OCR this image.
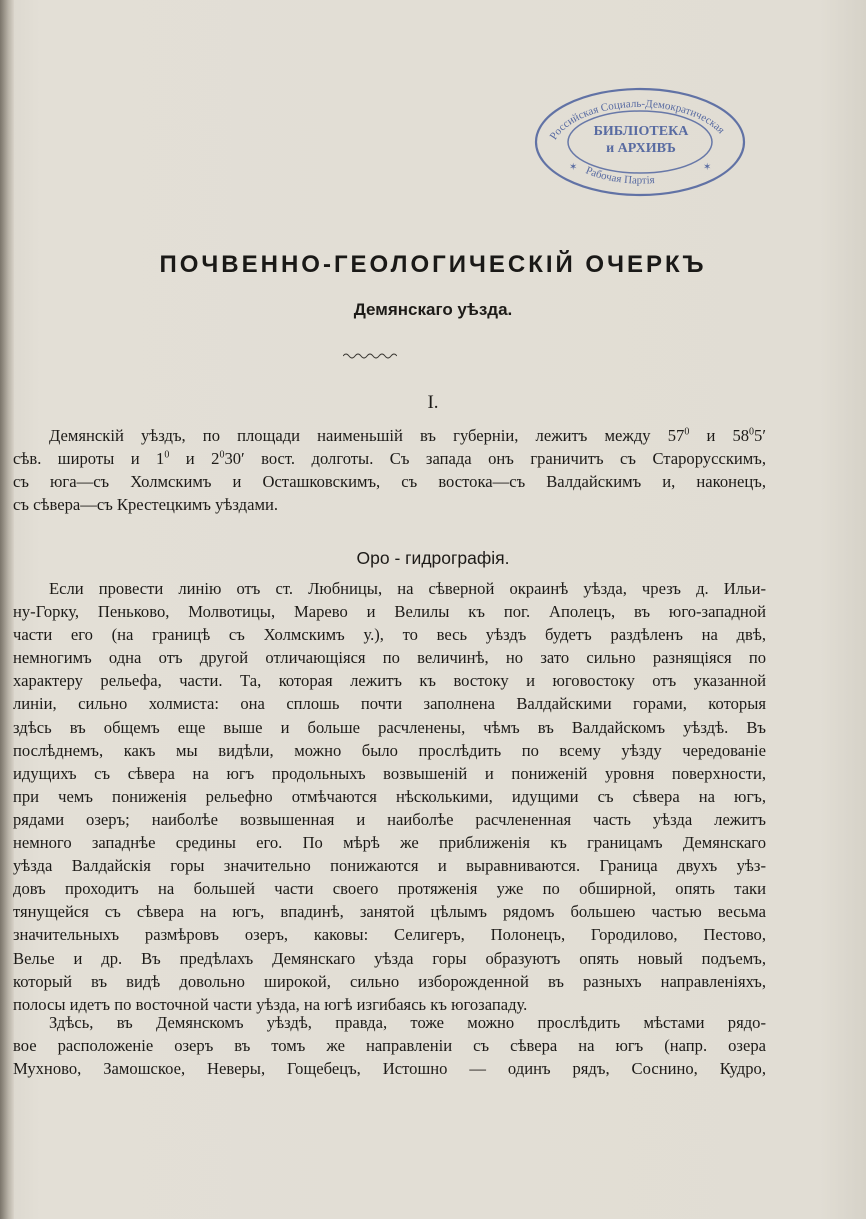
Российская Социаль-Демократическая
БИБЛІОТЕКА
и АРХИВЪ
Рабочая Партія
✶	✶
ПОЧВЕННО-ГЕОЛОГИЧЕСКІЙ ОЧЕРКЪ
Демянскаго уѣзда.
I.
Демянскій уѣздъ, по площади наименьшій въ губерніи, лежитъ между $57^0$ и $58^05'$
сѣв. широты и $1^0$ и $2^030'$ вост. долготы. Съ запада онъ граничитъ съ Старорусскимъ,
съ юга—съ Холмскимъ и Осташковскимъ, съ востока—съ Валдайскимъ и, наконецъ,
съ сѣвера—съ Крестецкимъ уѣздами.
Оро - гидрографія.
Если провести линію отъ ст. Любницы, на сѣверной окраинѣ уѣзда, чрезъ д. Ильи-
ну-Горку, Пеньково, Молвотицы, Марево и Велилы къ пог. Аполецъ, въ юго-западной
части его (на границѣ съ Холмскимъ у.), то весь уѣздъ будетъ раздѣленъ на двѣ,
немногимъ одна отъ другой отличающіяся по величинѣ, но зато сильно разнящіяся по
характеру рельефа, части. Та, которая лежитъ къ востоку и юговостоку отъ указанной
линіи, сильно холмиста: она сплошь почти заполнена Валдайскими горами, которыя
здѣсь въ общемъ еще выше и больше расчленены, чѣмъ въ Валдайскомъ уѣздѣ. Въ
послѣднемъ, какъ мы видѣли, можно было прослѣдить по всему уѣзду чередованіе
идущихъ съ сѣвера на югъ продольныхъ возвышеній и пониженій уровня поверхности,
при чемъ пониженія рельефно отмѣчаются нѣсколькими, идущими съ сѣвера на югъ,
рядами озеръ; наиболѣе возвышенная и наиболѣе расчлененная часть уѣзда лежитъ
немного западнѣе средины его. По мѣрѣ же приближенія къ границамъ Демянскаго
уѣзда Валдайскія горы значительно понижаются и выравниваются. Граница двухъ уѣз-
довъ проходитъ на большей части своего протяженія уже по обширной, опять таки
тянущейся съ сѣвера на югъ, впадинѣ, занятой цѣлымъ рядомъ большею частью весьма
значительныхъ размѣровъ озеръ, каковы: Селигеръ, Полонецъ, Городилово, Пестово,
Велье и др. Въ предѣлахъ Демянскаго уѣзда горы образуютъ опять новый подъемъ,
который въ видѣ довольно широкой, сильно изборожденной въ разныхъ направленіяхъ,
полосы идетъ по восточной части уѣзда, на югѣ изгибаясь къ югозападу.
Здѣсь, въ Демянскомъ уѣздѣ, правда, тоже можно прослѣдить мѣстами рядо-
вое расположеніе озеръ въ томъ же направленіи съ сѣвера на югъ (напр. озера
Мухново, Замошское, Неверы, Гощебецъ, Истошно — одинъ рядъ, Соснино, Кудро,
